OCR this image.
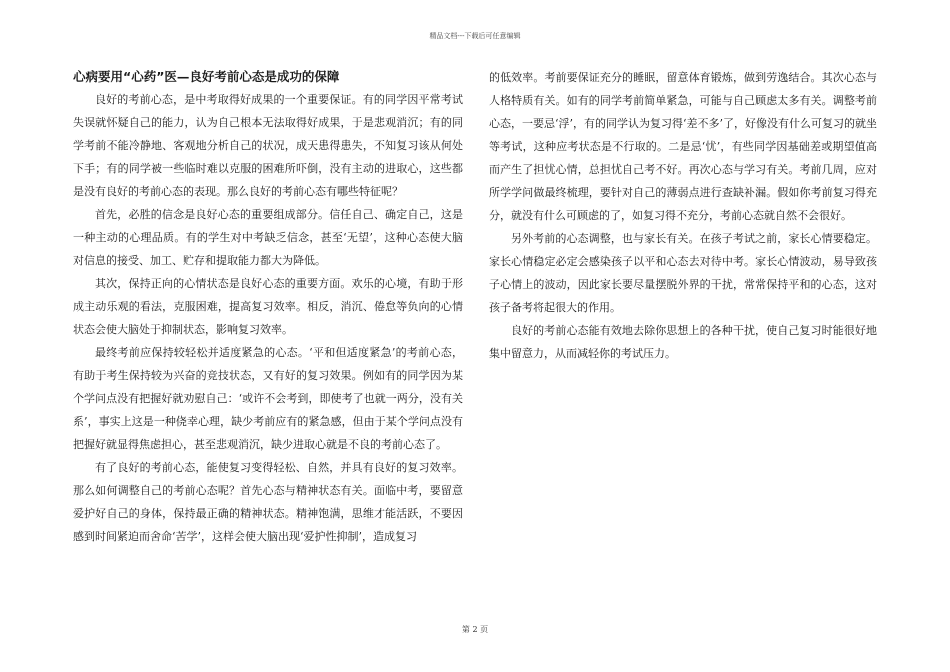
精品文档---下载后可任意编辑

心病要用“心药”医—良好考前心态是成功的保障

良好的考前心态，是中考取得好成果的一个重要保证。有的同学因平常考试失误就怀疑自己的能力，认为自己根本无法取得好成果，于是悲观消沉；有的同学考前不能冷静地、客观地分析自己的状况，成天患得患失，不知复习该从何处下手；有的同学被一些临时难以克服的困难所吓倒，没有主动的进取心，这些都是没有良好的考前心态的表现。那么良好的考前心态有哪些特征呢？

首先，必胜的信念是良好心态的重要组成部分。信任自己、确定自己，这是一种主动的心理品质。有的学生对中考缺乏信念，甚至‘无望’，这种心态使大脑对信息的接受、加工、贮存和提取能力都大为降低。

其次，保持正向的心情状态是良好心态的重要方面。欢乐的心境，有助于形成主动乐观的看法，克服困难，提高复习效率。相反，消沉、倦怠等负向的心情状态会使大脑处于抑制状态，影响复习效率。

最终考前应保持较轻松并适度紧急的心态。‘平和但适度紧急’的考前心态，有助于考生保持较为兴奋的竞技状态，又有好的复习效果。例如有的同学因为某个学问点没有把握好就劝慰自己：‘或许不会考到，即使考了也就一两分，没有关系’，事实上这是一种侥幸心理，缺少考前应有的紧急感，但由于某个学问点没有把握好就显得焦虑担心，甚至悲观消沉，缺少进取心就是不良的考前心态了。

有了良好的考前心态，能使复习变得轻松、自然，并具有良好的复习效率。那么如何调整自己的考前心态呢？首先心态与精神状态有关。面临中考，要留意爱护好自己的身体，保持最正确的精神状态。精神饱满，思维才能活跃，不要因感到时间紧迫而舍命‘苦学’，这样会使大脑出现‘爱护性抑制’，造成复习

的低效率。考前要保证充分的睡眠，留意体育锻炼，做到劳逸结合。其次心态与人格特质有关。如有的同学考前简单紧急，可能与自己顾虑太多有关。调整考前心态，一要忌‘浮’，有的同学认为复习得‘差不多’了，好像没有什么可复习的就坐等考试，这种应考状态是不行取的。二是忌‘忧’，有些同学因基础差或期望值高而产生了担忧心情，总担忧自己考不好。再次心态与学习有关。考前几周，应对所学学问做最终梳理，要针对自己的薄弱点进行查缺补漏。假如你考前复习得充分，就没有什么可顾虑的了，如复习得不充分，考前心态就自然不会很好。

另外考前的心态调整，也与家长有关。在孩子考试之前，家长心情要稳定。家长心情稳定必定会感染孩子以平和心态去对待中考。家长心情波动，易导致孩子心情上的波动，因此家长要尽量摆脱外界的干扰，常常保持平和的心态，这对孩子备考将起很大的作用。

良好的考前心态能有效地去除你思想上的各种干扰，使自己复习时能很好地集中留意力，从而减轻你的考试压力。

第 2 页
